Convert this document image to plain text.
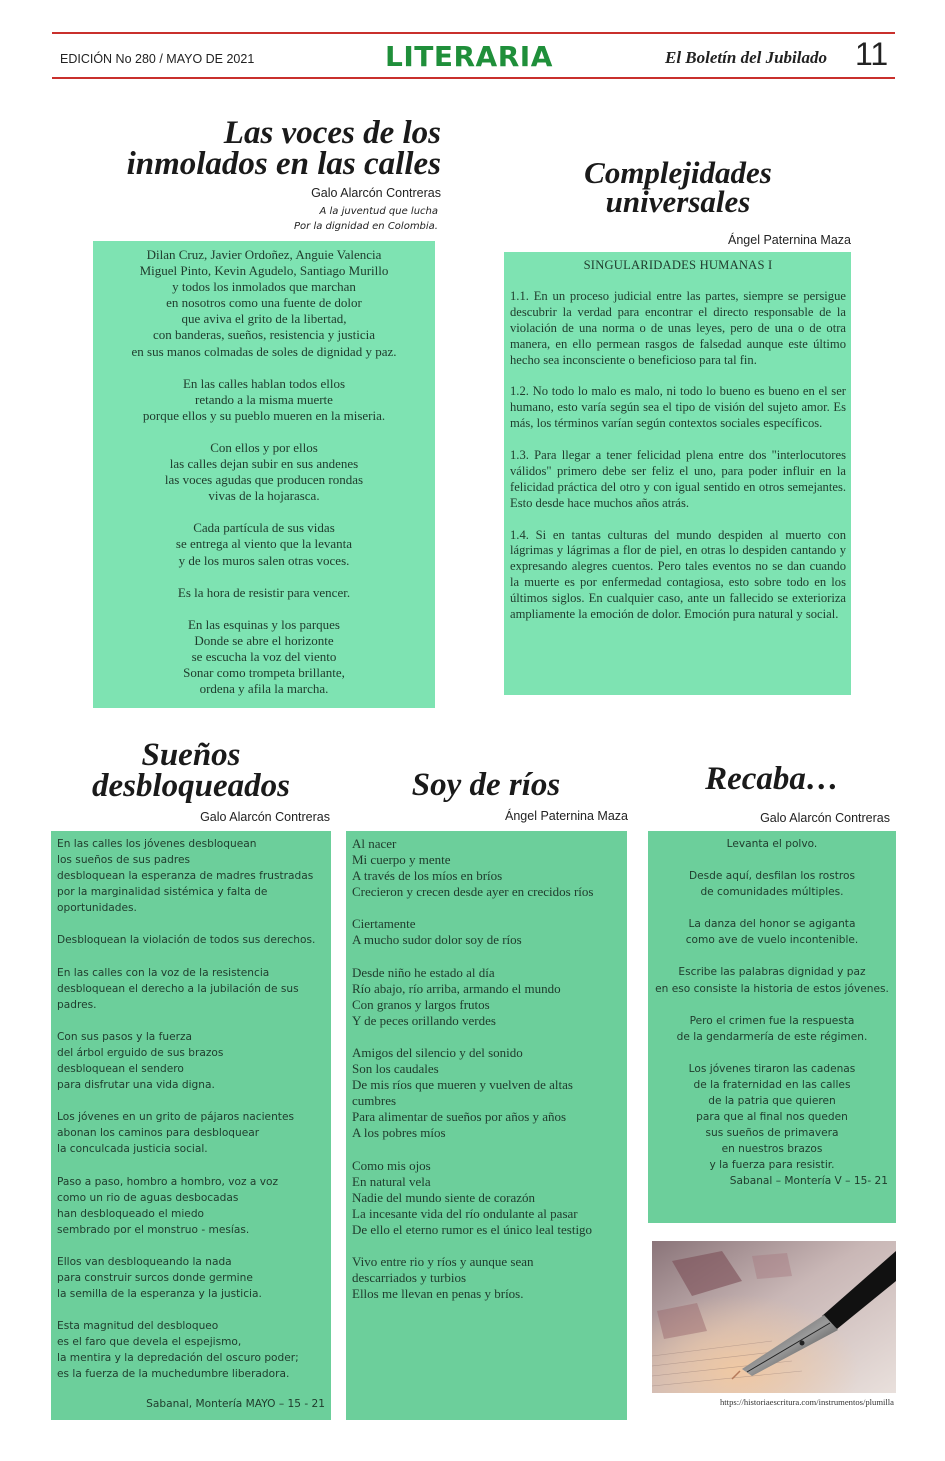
EDICIÓN No 280 / MAYO DE 2021	LITERARIA	El Boletín del Jubilado 11
Las voces de los
inmolados en las calles
Galo Alarcón Contreras
A la juventud que lucha
Por la dignidad en Colombia.
Dilan Cruz, Javier Ordoñez, Anguie Valencia
Miguel Pinto, Kevin Agudelo, Santiago Murillo
y todos los inmolados que marchan
en nosotros como una fuente de dolor
que aviva el grito de la libertad,
con banderas, sueños, resistencia y justicia
en sus manos colmadas de soles de dignidad y paz.
En las calles hablan todos ellos
retando a la misma muerte
porque ellos y su pueblo mueren en la miseria.
Con ellos y por ellos
las calles dejan subir en sus andenes
las voces agudas que producen rondas
vivas de la hojarasca.
Cada partícula de sus vidas
se entrega al viento que la levanta
y de los muros salen otras voces.
Es la hora de resistir para vencer.
En las esquinas y los parques
Donde se abre el horizonte
se escucha la voz del viento
Sonar como trompeta brillante,
ordena y afila la marcha.
Complejidades
universales
Ángel Paternina Maza
SINGULARIDADES HUMANAS I
1.1. En un proceso judicial entre las partes, siempre se persigue descubrir la verdad para encontrar el directo responsable de la violación de una norma o de unas leyes, pero de una o de otra manera, en ello permean rasgos de falsedad aunque este último hecho sea inconsciente o beneficioso para tal fin.
1.2. No todo lo malo es malo, ni todo lo bueno es bueno en el ser humano, esto varía según sea el tipo de visión del sujeto amor. Es más, los términos varían según contextos sociales específicos.
1.3. Para llegar a tener felicidad plena entre dos "interlocutores válidos" primero debe ser feliz el uno, para poder influir en la felicidad práctica del otro y con igual sentido en otros semejantes. Esto desde hace muchos años atrás.
1.4. Si en tantas culturas del mundo despiden al muerto con lágrimas y lágrimas a flor de piel, en otras lo despiden cantando y expresando alegres cuentos. Pero tales eventos no se dan cuando la muerte es por enfermedad contagiosa, esto sobre todo en los últimos siglos. En cualquier caso, ante un fallecido se exterioriza ampliamente la emoción de dolor. Emoción pura natural y social.
Sueños
desbloqueados
Galo Alarcón Contreras
En las calles los jóvenes desbloquean
los sueños de sus padres
desbloquean la esperanza de madres frustradas
por la marginalidad sistémica y falta de
oportunidades.
Desbloquean la violación de todos sus derechos.
En las calles con la voz de la resistencia
desbloquean el derecho a la jubilación de sus
padres.
Con sus pasos y la fuerza
del árbol erguido de sus brazos
desbloquean el sendero
para disfrutar una vida digna.
Los jóvenes en un grito de pájaros nacientes
abonan los caminos para desbloquear
la conculcada justicia social.
Paso a paso, hombro a hombro, voz a voz
como un rio de aguas desbocadas
han desbloqueado el miedo
sembrado por el monstruo - mesías.
Ellos van desbloqueando la nada
para construir surcos donde germine
la semilla de la esperanza y la justicia.
Esta magnitud del desbloqueo
es el faro que devela el espejismo,
la mentira y la depredación del oscuro poder;
es la fuerza de la muchedumbre liberadora.
Sabanal, Montería MAYO – 15 - 21
Soy de ríos
Ángel Paternina Maza
Al nacer
Mi cuerpo y mente
A través de los míos en bríos
Crecieron y crecen desde ayer en crecidos ríos
Ciertamente
A mucho sudor dolor soy de ríos
Desde niño he estado al día
Río abajo, río arriba, armando el mundo
Con granos y largos frutos
Y de peces orillando verdes
Amigos del silencio y del sonido
Son los caudales
De mis ríos que mueren y vuelven de altas
cumbres
Para alimentar de sueños por años y años
A los pobres míos
Como mis ojos
En natural vela
Nadie del mundo siente de corazón
La incesante vida del río ondulante al pasar
De ello el eterno rumor es el único leal testigo
Vivo entre rio y ríos y aunque sean
descarriados y turbios
Ellos me llevan en penas y bríos.
Recaba…
Galo Alarcón Contreras
Levanta el polvo.
Desde aquí, desfilan los rostros
de comunidades múltiples.
La danza del honor se agiganta
como ave de vuelo incontenible.
Escribe las palabras dignidad y paz
en eso consiste la historia de estos jóvenes.
Pero el crimen fue la respuesta
de la gendarmería de este régimen.
Los jóvenes tiraron las cadenas
de la fraternidad en las calles
de la patria que quieren
para que al final nos queden
sus sueños de primavera
en nuestros brazos
y la fuerza para resistir.
Sabanal – Montería V – 15- 21
https://historiaescritura.com/instrumentos/plumilla
